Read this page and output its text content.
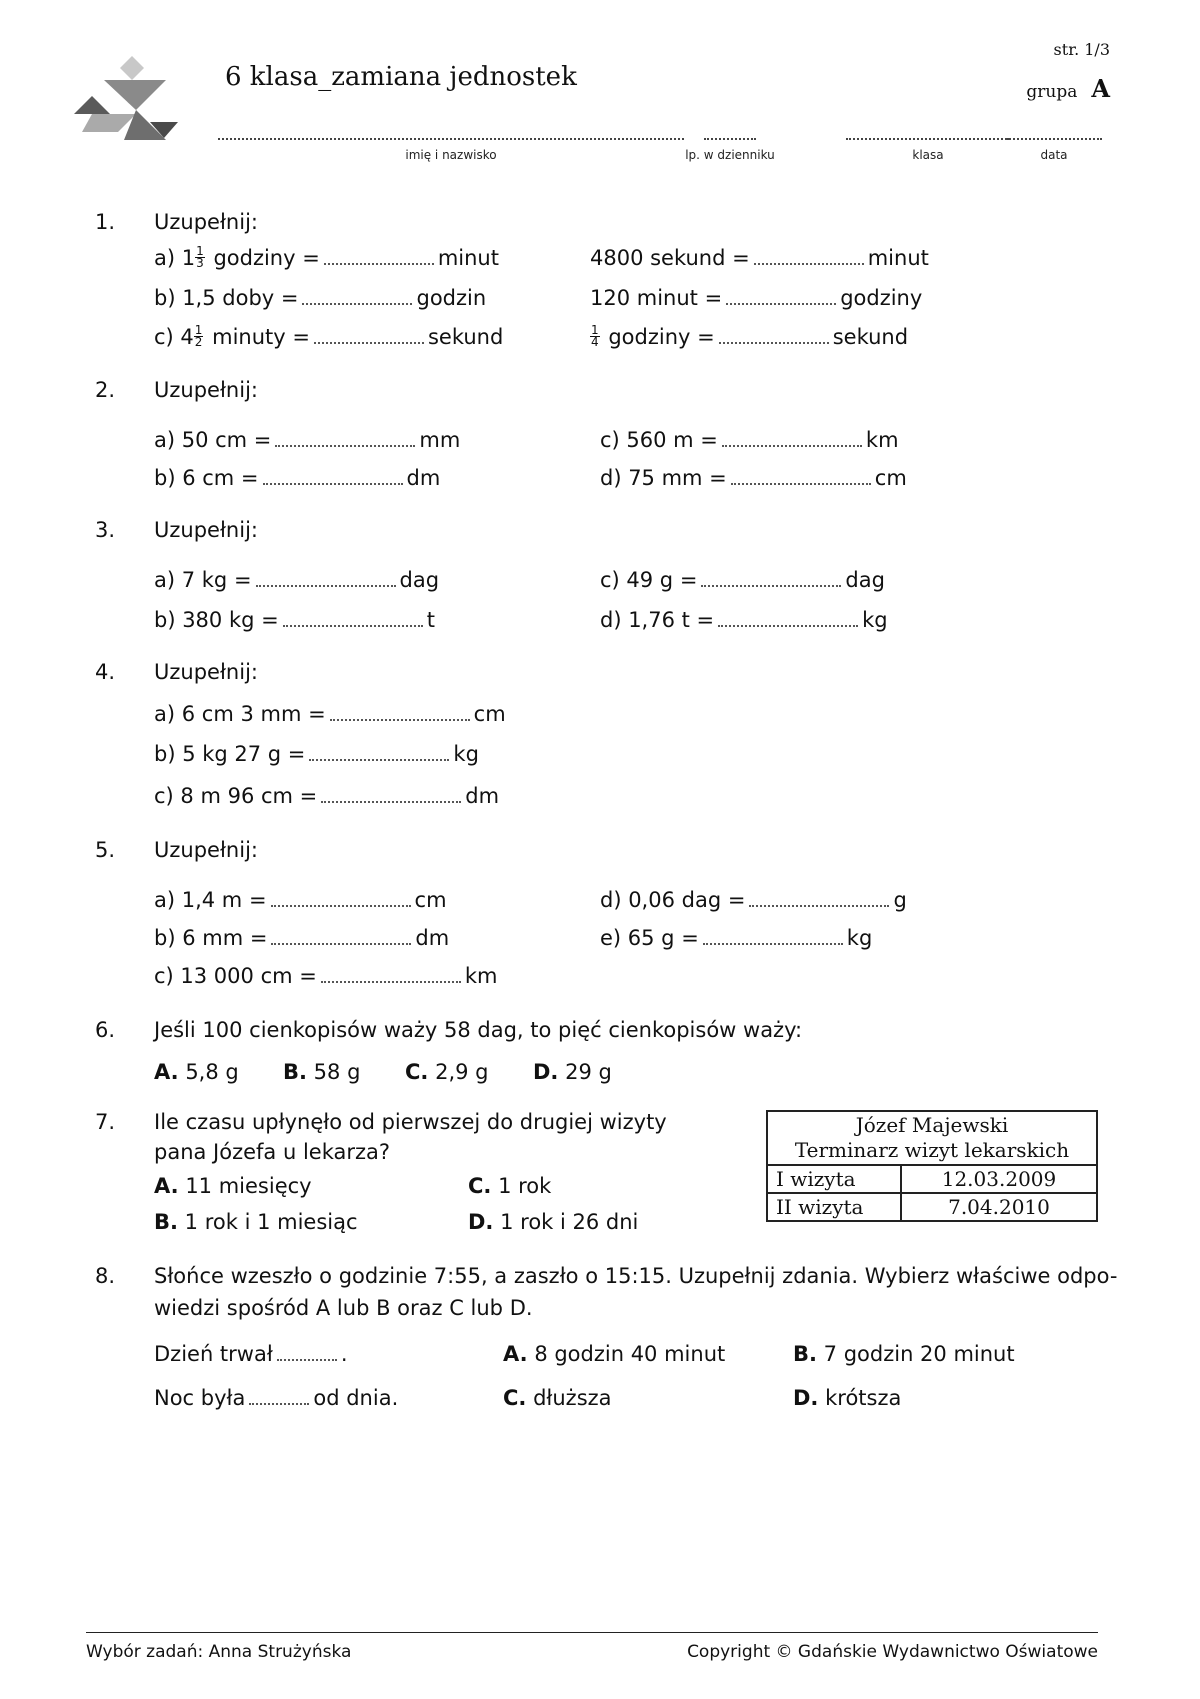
6 klasa_zamiana jednostek
str. 1/3
grupa A
imię i nazwisko	lp. w dzienniku	klasa	data
1. Uzupełnij:
a) $1 \frac{1}{3}$ godziny =	minut	4800 sekund =	minut
b) 1,5 doby =	godzin	120 minut =	godziny
c) $4 \frac{1}{2}$ minuty =	sekund	$\frac{1}{4}$ godziny =	sekund
2. Uzupełnij:
a) 50 cm =	mm
b) 6 cm =	dm
c) 560 m =	km
d) 75 mm =	cm
3. Uzupełnij:
a) 7 kg =	dag
b) 380 kg =	t
c) 49 g =	dag
d) 1,76 t =	kg
4. Uzupełnij:
a) 6 cm 3 mm =	cm
b) 5 kg 27 g =	kg
c) 8 m 96 cm =	dm
5. Uzupełnij:
a) 1,4 m =	cm
b) 6 mm =	dm
c) 13 000 cm =	km
d) 0,06 dag =	g
e) 65 g =	kg
6. Jeśli 100 cienkopisów waży 58 dag, to pięć cienkopisów waży:
A. 5,8 g B. 58 g C. 2,9 g D. 29 g
7. Ile czasu upłynęło od pierwszej do drugiej wizyty
pana Józefa u lekarza?
A. 11 miesięcy
B. 1 rok i 1 miesiąc
C. 1 rok
D. 1 rok i 26 dni
Józef Majewski
Terminarz wizyt lekarskich	

I wizyta	12.03.2009
II wizyta	7.04.2010
8. Słońce wzeszło o godzinie 7:55, a zaszło o 15:15. Uzupełnij zdania. Wybierz właściwe odpo-
wiedzi spośród A lub B oraz C lub D.
Dzień trwał	.
Noc była	od dnia.
A. 8 godzin 40 minut	B. 7 godzin 20 minut
C. dłuższa	D. krótsza
Wybór zadań: Anna Strużyńska	Copyright © Gdańskie Wydawnictwo Oświatowe
